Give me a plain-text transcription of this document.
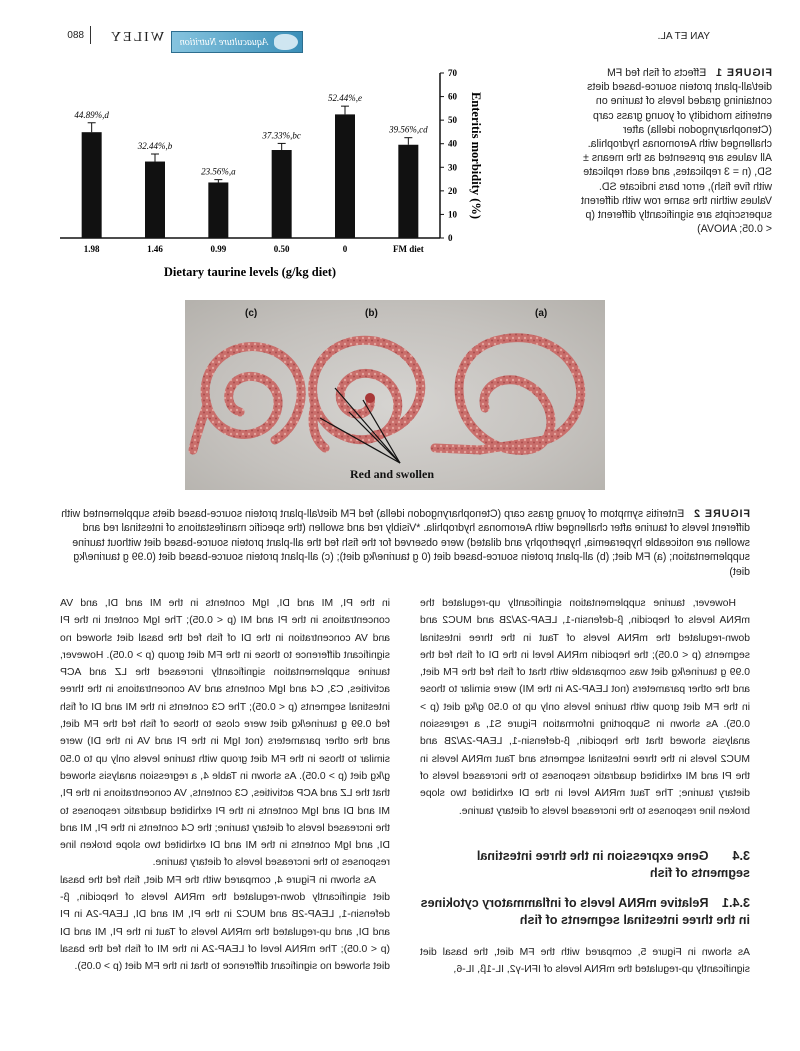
880 WILEY Aquaculture Nutrition	YAN ET AL.
FIGURE 1   Effects of fish fed FM diet/all-plant protein source-based diets containing graded levels of taurine on enteritis morbidity of young grass carp (Ctenopharyngodon idella) after challenged with Aeromonas hydrophila. All values are presented as the means ± SD, (n = 3 replicates, and each replicate with five fish), error bars indicate SD. Values within the same row with different superscripts are significantly different (p < 0.05; ANOVA)
0
10
20
30
40
50
60
70
39.56%,cd
FM diet
52.44%,e
0
37.33%,bc
0.50
23.56%,a
0.99
32.44%,b
1.46
44.89%,d
1.98
Dietary taurine levels (g/kg diet)
Enteritis morbidity (%)
(a)
(b)
(c)
Red and swollen
FIGURE 2   Enteritis symptom of young grass carp (Ctenopharyngodon idella) fed FM diet/all-plant protein source-based diets supplemented with different levels of taurine after challenged with Aeromonas hydrophila. *Visibly red and swollen (the specific manifestations of intestinal red and swollen are noticeable hyperaemia, hypertrophy and dilated) were observed for the fish fed the all-plant protein source-based diet without taurine supplementation; (a) FM diet; (b) all-plant protein source-based diet (0 g taurine/kg diet); (c) all-plant protein source-based diet (0.99 g taurine/kg diet)

in the PI, MI and DI, IgM contents in the MI and DI, and VA concentrations in the PI and MI (p < 0.05); The IgM content in the PI and VA concentration in the DI of fish fed the basal diet showed no significant difference to those in the FM diet group (p > 0.05). However, taurine supplementation significantly increased the LZ and ACP activities, C3, C4 and IgM contents and VA concentrations in the three intestinal segments (p < 0.05); The C3 contents in the MI and DI of fish fed 0.99 g taurine/kg diet were close to those of fish fed the FM diet, and the other parameters (not IgM in the PI and VA in the DI) were similar to those in the FM diet group with taurine levels only up to 0.50 g/kg diet (p > 0.05). As shown in Table 4, a regression analysis showed that the LZ and ACP activities, C3 contents, VA concentrations in the PI, MI and DI and IgM contents in the PI exhibited quadratic responses to the increased levels of dietary taurine; the C4 contents in the PI, MI and DI, and IgM contents in the MI and DI exhibited two slope broken line responses to the increased levels of dietary taurine.

As shown in Figure 4, compared with the FM diet, fish fed the basal diet significantly down-regulated the mRNA levels of hepcidin, β-defensin-1, LEAP-2B and MUC2 in the PI, MI and DI, LEAP-2A in PI and DI, and up-regulated the mRNA levels of Taut in the PI, MI and DI (p < 0.05); The mRNA level of LEAP-2A in the MI of fish fed the basal diet showed no significant difference to that in the FM diet (p > 0.05).

However, taurine supplementation significantly up-regulated the mRNA levels of hepcidin, β-defensin-1, LEAP-2A/2B and MUC2 and down-regulated the mRNA levels of Taut in the three intestinal segments (p < 0.05); the hepcidin mRNA level in the DI of fish fed the 0.99 g taurine/kg diet was comparable with that of fish fed the FM diet, and the other parameters (not LEAP-2A in the MI) were similar to those in the FM diet group with taurine levels only up to 0.50 g/kg diet (p > 0.05). As shown in Supporting information Figure S1, a regression analysis showed that the hepcidin, β-defensin-1, LEAP-2A/2B and MUC2 levels in the three intestinal segments and Taut mRNA levels in the PI and MI exhibited quadratic responses to the increased levels of dietary taurine; The Taut mRNA level in the DI exhibited two slope broken line responses to the increased levels of dietary taurine.

3.4 Gene expression in the three intestinal segments of fish
3.4.1 Relative mRNA levels of inflammatory cytokines in the three intestinal segments of fish

As shown in Figure 5, compared with the FM diet, the basal diet significantly up-regulated the mRNA levels of IFN-γ2, IL-1β, IL-6,
